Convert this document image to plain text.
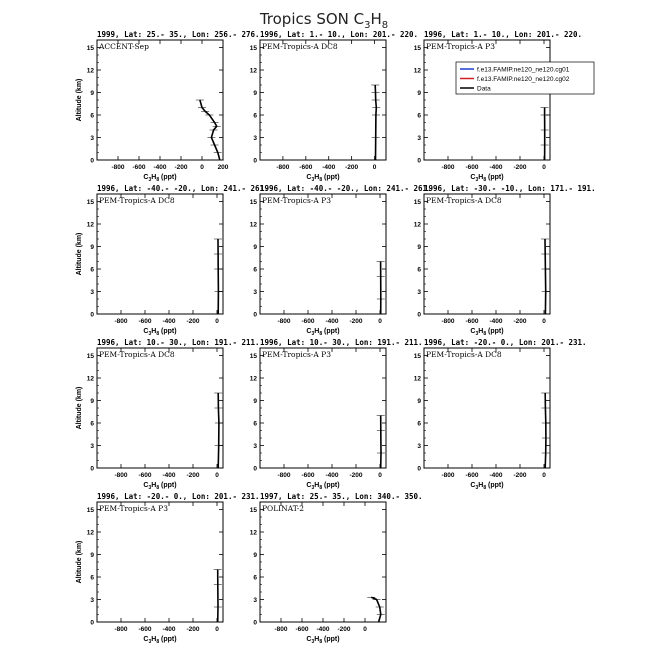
Tropics SON $C_3H_8$
1999, Lat: 25.- 35., Lon: 256.- 276.
ACCENT-Sep
0
3
6
9
12
15
-800 -600 -400 -200 0 200
$C_3H_8$ (ppt)
Altitude (km)
1996, Lat: 1.- 10., Lon: 201.- 220.
PEM-Tropics-A DC8
0
3
6
9
12
15
-800 -600 -400 -200 0
$C_3H_8$ (ppt)
1996, Lat: 1.- 10., Lon: 201.- 220.
PEM-Tropics-A P3
0
3
6
9
12
15
-800 -600 -400 -200 0
$C_3H_8$ (ppt)
f.e13.FAMIP.ne120_ne120.cg01
f.e13.FAMIP.ne120_ne120.cg02
Data
1996, Lat: -40.- -20., Lon: 241.- 261.
PEM-Tropics-A DC8
0
3
6
9
12
15
-800 -600 -400 -200 0
$C_3H_8$ (ppt)
Altitude (km)
1996, Lat: -40.- -20., Lon: 241.- 261.
PEM-Tropics-A P3
0
3
6
9
12
15
-800 -600 -400 -200 0
$C_3H_8$ (ppt)
1996, Lat: -30.- -10., Lon: 171.- 191.
PEM-Tropics-A DC8
0
3
6
9
12
15
-800 -600 -400 -200 0
$C_3H_8$ (ppt)
1996, Lat: 10.- 30., Lon: 191.- 211.
PEM-Tropics-A DC8
0
3
6
9
12
15
-800 -600 -400 -200 0
$C_3H_8$ (ppt)
Altitude (km)
1996, Lat: 10.- 30., Lon: 191.- 211.
PEM-Tropics-A P3
0
3
6
9
12
15
-800 -600 -400 -200 0
$C_3H_8$ (ppt)
1996, Lat: -20.- 0., Lon: 201.- 231.
PEM-Tropics-A DC8
0
3
6
9
12
15
-800 -600 -400 -200 0
$C_3H_8$ (ppt)
1996, Lat: -20.- 0., Lon: 201.- 231.
PEM-Tropics-A P3
0
3
6
9
12
15
-800 -600 -400 -200 0
$C_3H_8$ (ppt)
Altitude (km)
1997, Lat: 25.- 35., Lon: 340.- 350.
POLINAT-2
0
3
6
9
12
15
-800 -600 -400 -200 0
$C_3H_8$ (ppt)
